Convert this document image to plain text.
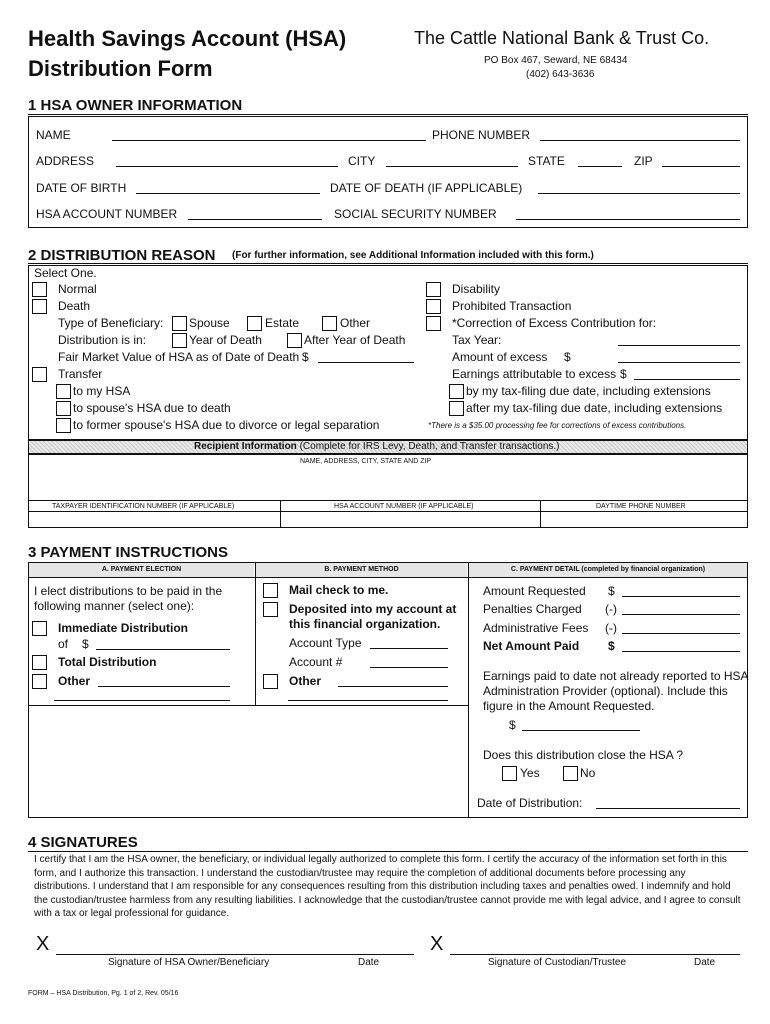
Health Savings Account (HSA)
Distribution Form
The Cattle National Bank & Trust Co.
PO Box 467, Seward, NE 68434
(402) 643-3636
1 HSA OWNER INFORMATION
NAME	PHONE NUMBER
ADDRESS	CITY	STATE	ZIP
DATE OF BIRTH	DATE OF DEATH (IF APPLICABLE)
HSA ACCOUNT NUMBER	SOCIAL SECURITY NUMBER
2 DISTRIBUTION REASON (For further information, see Additional Information included with this form.)
Select One.
Normal
Death
Type of Beneficiary: Spouse	Estate	Other
Distribution is in:	Year of Death	After Year of Death
Fair Market Value of HSA as of Date of Death $
Transfer
to my HSA
to spouse's HSA due to death
to former spouse's HSA due to divorce or legal separation
Disability
Prohibited Transaction
*Correction of Excess Contribution for:
Tax Year:
Amount of excess $
Earnings attributable to excess $
by my tax-filing due date, including extensions
after my tax-filing due date, including extensions
*There is a $35.00 processing fee for corrections of excess contributions.
Recipient Information (Complete for IRS Levy, Death, and Transfer transactions.)
NAME, ADDRESS, CITY, STATE AND ZIP
TAXPAYER IDENTIFICATION NUMBER (IF APPLICABLE)	HSA ACCOUNT NUMBER (IF APPLICABLE)	DAYTIME PHONE NUMBER
3 PAYMENT INSTRUCTIONS
A. PAYMENT ELECTION	B. PAYMENT METHOD	C. PAYMENT DETAIL (completed by financial organization)
I elect distributions to be paid in the
following manner (select one):
Immediate Distribution
of $
Total Distribution
Other
Mail check to me.
Deposited into my account at
this financial organization.
Account Type
Account #
Other
Amount Requested $
Penalties Charged (-)
Administrative Fees (-)
Net Amount Paid $
Earnings paid to date not already reported to HSA
Administration Provider (optional). Include this
figure in the Amount Requested.
$
Does this distribution close the HSA ?
Yes	No
Date of Distribution:
4 SIGNATURES
I certify that I am the HSA owner, the beneficiary, or individual legally authorized to complete this form. I certify the accuracy of the information set forth in this form, and I authorize this transaction. I understand the custodian/trustee may require the completion of additional documents before processing any distributions. I understand that I am responsible for any consequences resulting from this distribution including taxes and penalties owed. I indemnify and hold the custodian/trustee harmless from any resulting liabilities. I acknowledge that the custodian/trustee cannot provide me with legal advice, and I agree to consult with a tax or legal professional for guidance.
X
Signature of HSA Owner/Beneficiary	Date
X
Signature of Custodian/Trustee	Date
FORM – HSA Distribution, Pg. 1 of 2, Rev. 05/16
